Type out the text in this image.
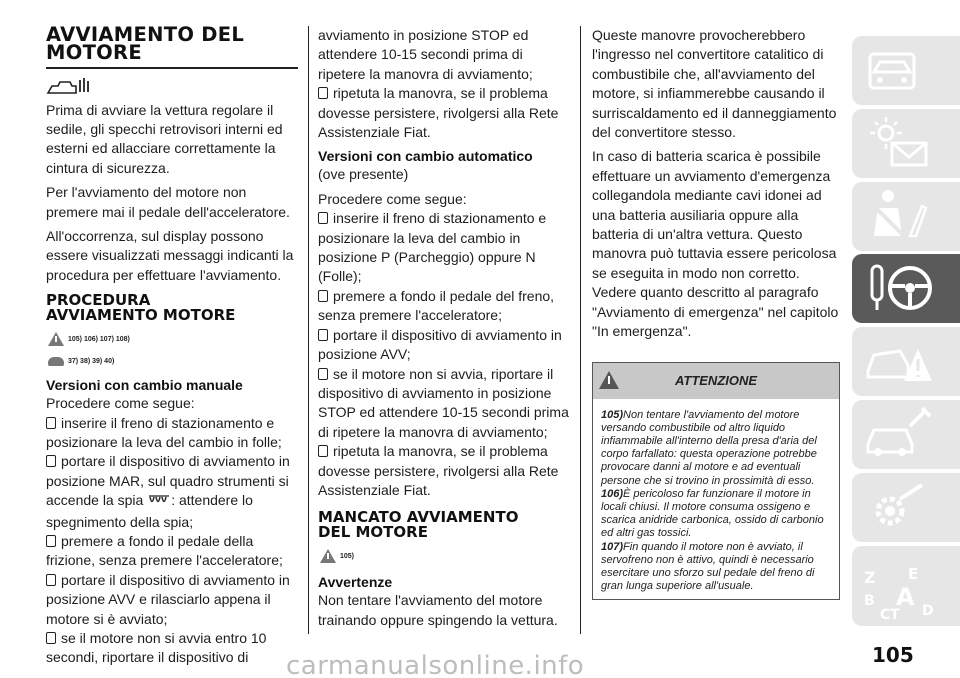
AVVIAMENTO DEL
MOTORE

Prima di avviare la vettura regolare il sedile, gli specchi retrovisori interni ed esterni ed allacciare correttamente la cintura di sicurezza.

Per l'avviamento del motore non premere mai il pedale dell'acceleratore.

All'occorrenza, sul display possono essere visualizzati messaggi indicanti la procedura per effettuare l'avviamento.

PROCEDURA
AVVIAMENTO MOTORE
105) 106) 107) 108)
37) 38) 39) 40)
Versioni con cambio manuale

Procedere come segue:

inserire il freno di stazionamento e posizionare la leva del cambio in folle;

portare il dispositivo di avviamento in posizione MAR, sul quadro strumenti si accende la spia : attendere lo spegnimento della spia;

premere a fondo il pedale della frizione, senza premere l'acceleratore;

portare il dispositivo di avviamento in posizione AVV e rilasciarlo appena il motore si è avviato;

se il motore non si avvia entro 10 secondi, riportare il dispositivo di

avviamento in posizione STOP ed attendere 10-15 secondi prima di ripetere la manovra di avviamento;

ripetuta la manovra, se il problema dovesse persistere, rivolgersi alla Rete Assistenziale Fiat.

Versioni con cambio automatico

(ove presente)

Procedere come segue:

inserire il freno di stazionamento e posizionare la leva del cambio in posizione P (Parcheggio) oppure N (Folle);

premere a fondo il pedale del freno, senza premere l'acceleratore;

portare il dispositivo di avviamento in posizione AVV;

se il motore non si avvia, riportare il dispositivo di avviamento in posizione STOP ed attendere 10-15 secondi prima di ripetere la manovra di avviamento;

ripetuta la manovra, se il problema dovesse persistere, rivolgersi alla Rete Assistenziale Fiat.

MANCATO AVVIAMENTO
DEL MOTORE
105)
Avvertenze

Non tentare l'avviamento del motore trainando oppure spingendo la vettura.

Queste manovre provocherebbero l'ingresso nel convertitore catalitico di combustibile che, all'avviamento del motore, si infiammerebbe causando il surriscaldamento ed il danneggiamento del convertitore stesso.

In caso di batteria scarica è possibile effettuare un avviamento d'emergenza collegandola mediante cavi idonei ad una batteria ausiliaria oppure alla batteria di un'altra vettura. Questo manovra può tuttavia essere pericolosa se eseguita in modo non corretto. Vedere quanto descritto al paragrafo "Avviamento di emergenza" nel capitolo "In emergenza".

ATTENZIONE

105)Non tentare l'avviamento del motore versando combustibile od altro liquido infiammabile all'interno della presa d'aria del corpo farfallato: questa operazione potrebbe provocare danni al motore e ad eventuali persone che si trovino in prossimità di esso.

106)È pericoloso far funzionare il motore in locali chiusi. Il motore consuma ossigeno e scarica anidride carbonica, ossido di carbonio ed altri gas tossici.

107)Fin quando il motore non è avviato, il servofreno non è attivo, quindi è necessario esercitare uno sforzo sul pedale del freno di gran lunga superiore all'usuale.	Z E
B A
C T D
105
carmanualsonline.info
